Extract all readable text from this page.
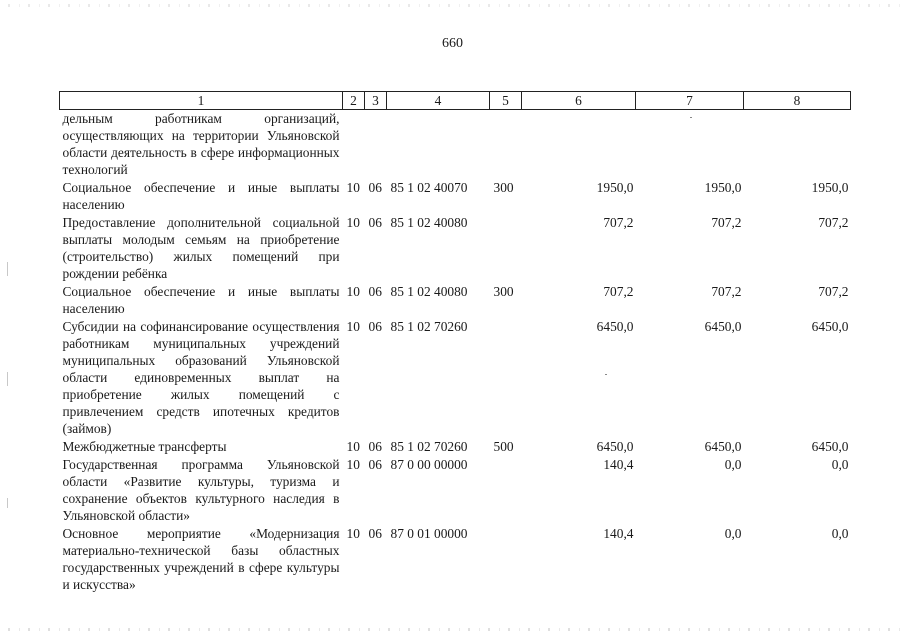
660
1	2	3	4	5	6	7	8
дельным работникам организаций, осуществляющих на территории Ульяновской области деятельность в сфере информационных технологий							
Социальное обеспечение и иные выплаты населению	10	06	85 1 02 40070	300	1950,0	1950,0	1950,0
Предоставление дополнительной социальной выплаты молодым семьям на приобретение (строительство) жилых помещений при рождении ребёнка	10	06	85 1 02 40080		707,2	707,2	707,2
Социальное обеспечение и иные выплаты населению	10	06	85 1 02 40080	300	707,2	707,2	707,2
Субсидии на софинансирование осуществления работникам муниципальных учреждений муниципальных образований Ульяновской области единовременных выплат на приобретение жилых помещений с привлечением средств ипотечных кредитов (займов)	10	06	85 1 02 70260		6450,0	6450,0	6450,0
Межбюджетные трансферты	10	06	85 1 02 70260	500	6450,0	6450,0	6450,0
Государственная программа Ульяновской области «Развитие культуры, туризма и сохранение объектов культурного наследия в Ульяновской области»	10	06	87 0 00 00000		140,4	0,0	0,0
Основное мероприятие «Модернизация материально-технической базы областных государственных учреждений в сфере культуры и искусства»	10	06	87 0 01 00000		140,4	0,0	0,0
